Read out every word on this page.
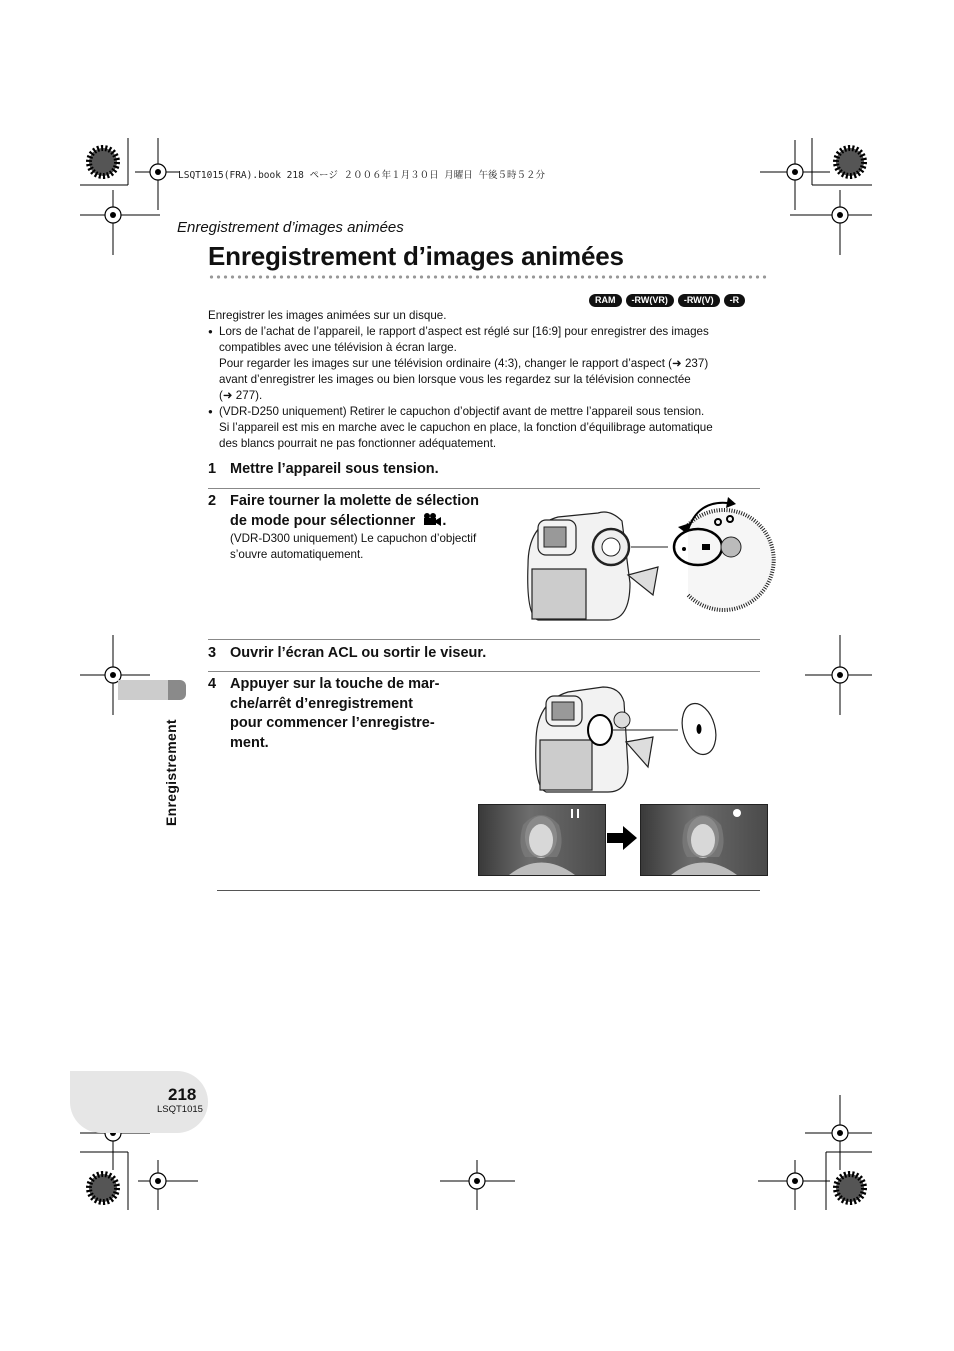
LSQT1015(FRA).book 218 ページ ２００６年１月３０日 月曜日 午後５時５２分
Enregistrement d’images animées
Enregistrement d’images animées
RAM	-RW(VR)	-RW(V)	-R
Enregistrer les images animées sur un disque.
● Lors de l’achat de l’appareil, le rapport d’aspect est réglé sur [16:9] pour enregistrer des images
compatibles avec une télévision à écran large.
Pour regarder les images sur une télévision ordinaire (4:3), changer le rapport d’aspect (➜ 237)
avant d’enregistrer les images ou bien lorsque vous les regardez sur la télévision connectée
(➜ 277).
● (VDR-D250 uniquement) Retirer le capuchon d’objectif avant de mettre l’appareil sous tension.
Si l’appareil est mis en marche avec le capuchon en place, la fonction d’équilibrage automatique
des blancs pourrait ne pas fonctionner adéquatement.
1 Mettre l’appareil sous tension.
2 Faire tourner la molette de sélection
de mode pour sélectionner .
(VDR-D300 uniquement) Le capuchon d’objectif
s’ouvre automatiquement.
3 Ouvrir l’écran ACL ou sortir le viseur.
4 Appuyer sur la touche de mar-
che/arrêt d’enregistrement
pour commencer l’enregistre-
ment.
Enregistrement
218
LSQT1015
